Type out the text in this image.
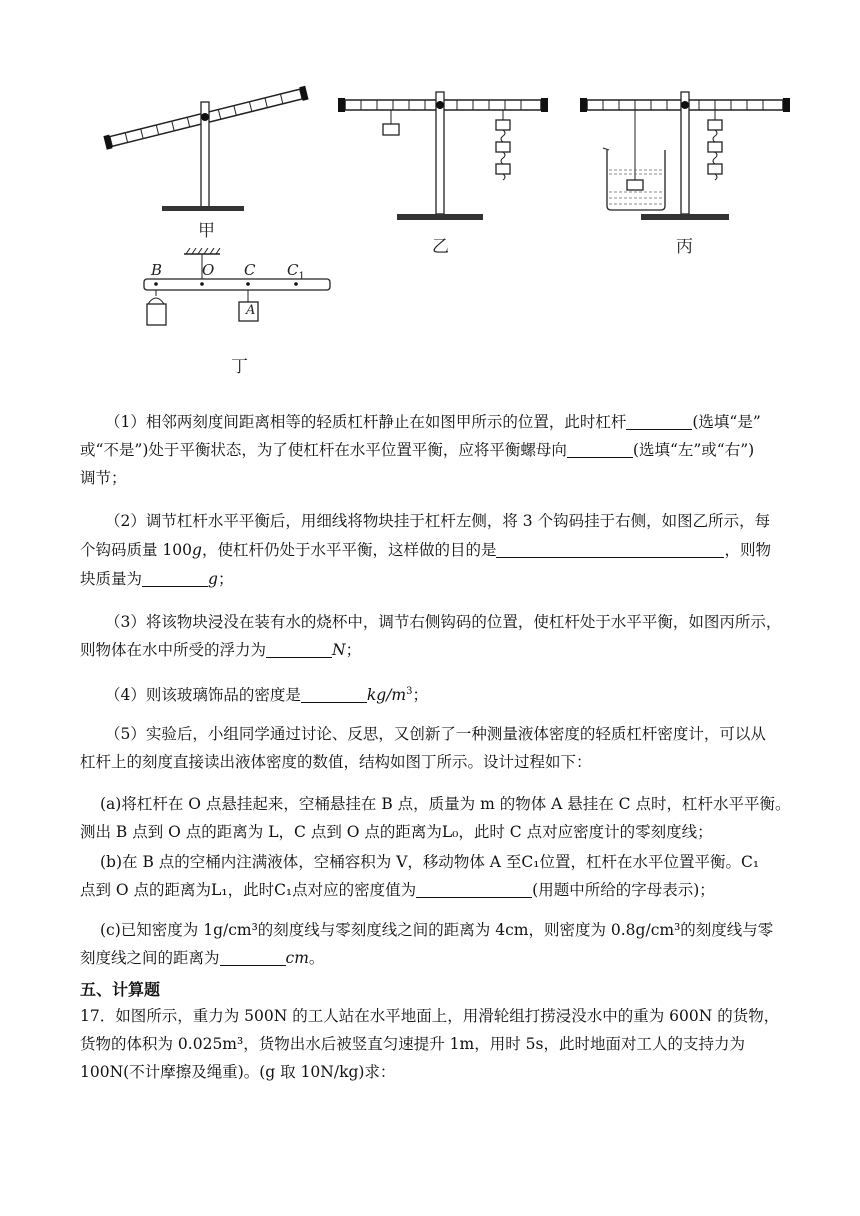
甲
乙	丙
B	O C $C_1$
A
丁
（1）相邻两刻度间距离相等的轻质杠杆静止在如图甲所示的位置，此时杠杆	(选填“是”
或“不是”)处于平衡状态，为了使杠杆在水平位置平衡，应将平衡螺母向	(选填“左”或“右”)
调节；
（2）调节杠杆水平平衡后，用细线将物块挂于杠杆左侧，将 3 个钩码挂于右侧，如图乙所示，每
个钩码质量 100g，使杠杆仍处于水平平衡，这样做的目的是	，则物
块质量为	g；
（3）将该物块浸没在装有水的烧杯中，调节右侧钩码的位置，使杠杆处于水平平衡，如图丙所示，
则物体在水中所受的浮力为	N；
（4）则该玻璃饰品的密度是	$kg/m^3$；
（5）实验后，小组同学通过讨论、反思，又创新了一种测量液体密度的轻质杠杆密度计，可以从
杠杆上的刻度直接读出液体密度的数值，结构如图丁所示。设计过程如下：
(a)将杠杆在 O 点悬挂起来，空桶悬挂在 B 点，质量为 m 的物体 A 悬挂在 C 点时，杠杆水平平衡。
测出 B 点到 O 点的距离为 L，C 点到 O 点的距离为L₀，此时 C 点对应密度计的零刻度线；
(b)在 B 点的空桶内注满液体，空桶容积为 V，移动物体 A 至C₁位置，杠杆在水平位置平衡。C₁
点到 O 点的距离为L₁，此时C₁点对应的密度值为	(用题中所给的字母表示)；
(c)已知密度为 1g/cm³的刻度线与零刻度线之间的距离为 4cm，则密度为 0.8g/cm³的刻度线与零
五、计算题
刻度线之间的距离为	cm。
17．如图所示，重力为 500N 的工人站在水平地面上，用滑轮组打捞浸没水中的重为 600N 的货物，
货物的体积为 0.025m³，货物出水后被竖直匀速提升 1m，用时 5s，此时地面对工人的支持力为
100N(不计摩擦及绳重)。(g 取 10N/kg)求：
